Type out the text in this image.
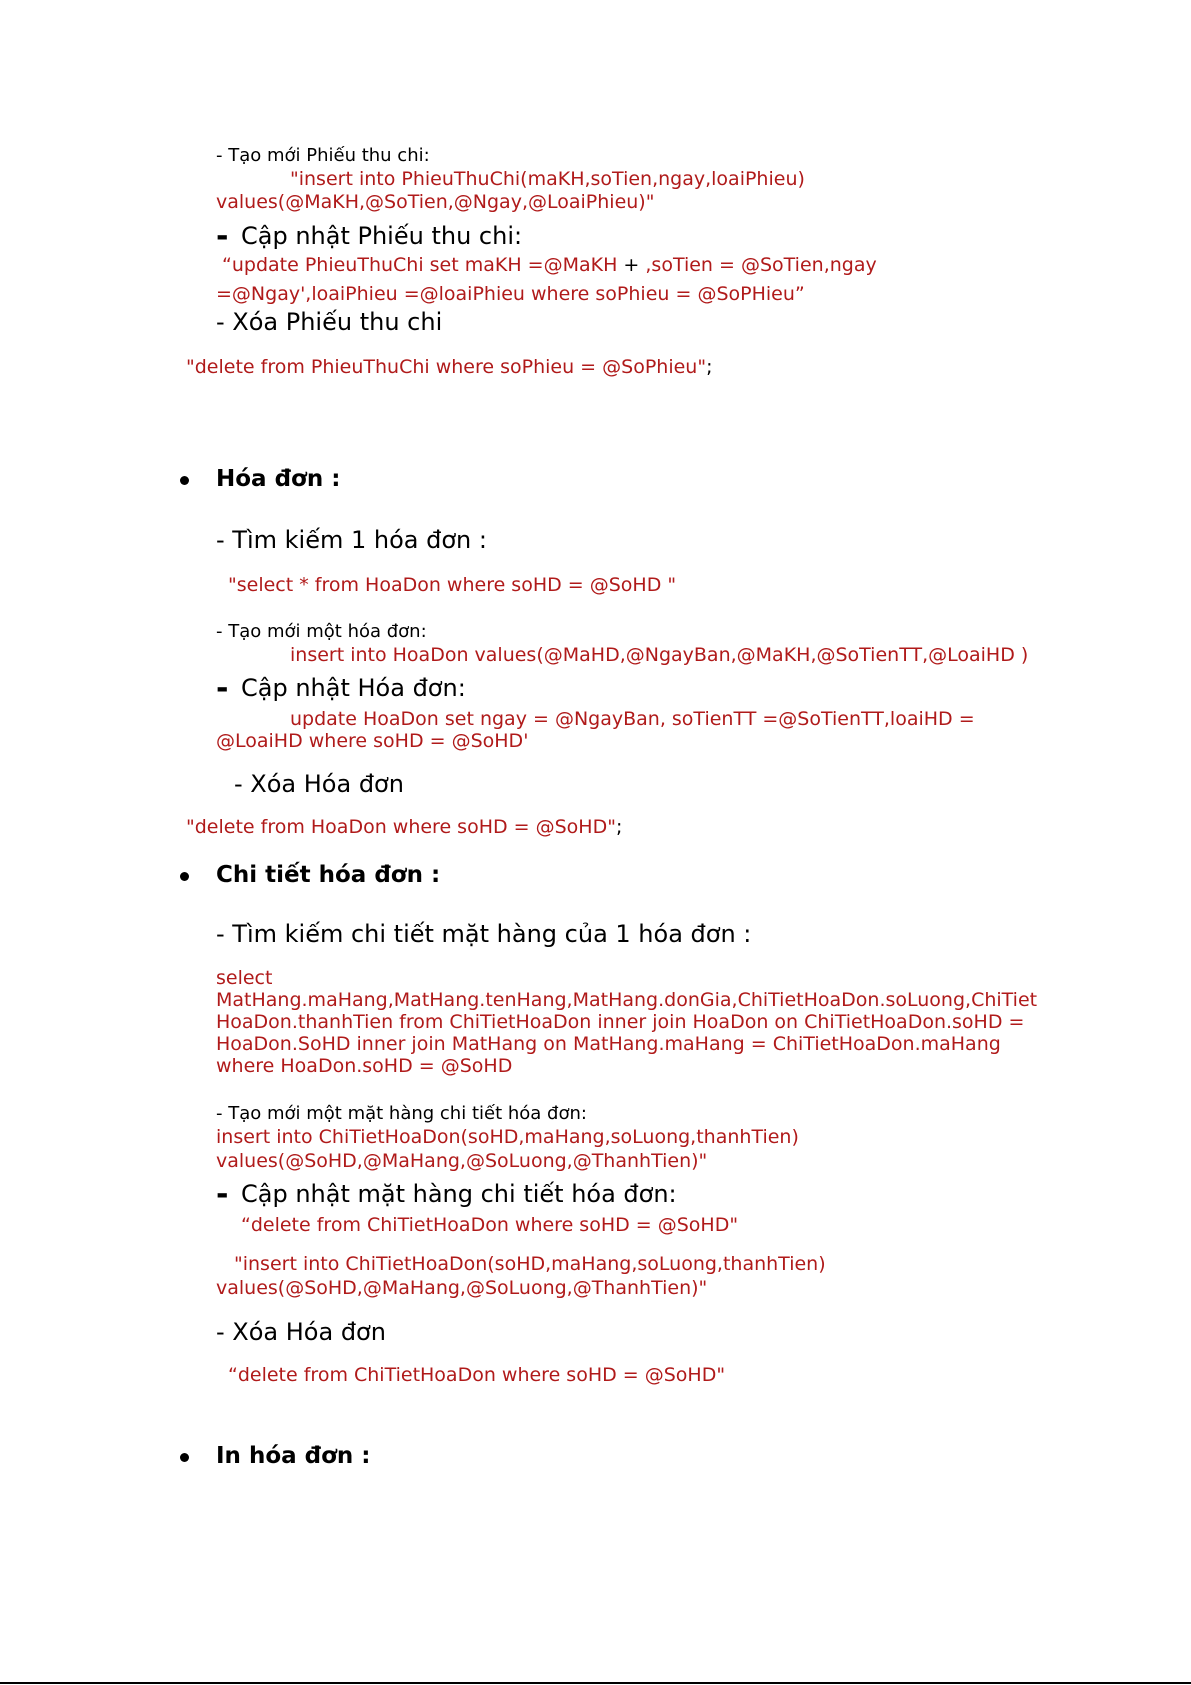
- Tạo mới Phiếu thu chi:
"insert into PhieuThuChi(maKH,soTien,ngay,loaiPhieu)
values(@MaKH,@SoTien,@Ngay,@LoaiPhieu)"
- Cập nhật Phiếu thu chi:
“update PhieuThuChi set maKH =@MaKH + ,soTien = @SoTien,ngay
=@Ngay',loaiPhieu =@loaiPhieu where soPhieu = @SoPHieu”
- Xóa Phiếu thu chi
"delete from PhieuThuChi where soPhieu = @SoPhieu";
Hóa đơn :
- Tìm kiếm 1 hóa đơn :
"select * from HoaDon where soHD = @SoHD "
- Tạo mới một hóa đơn:
insert into HoaDon values(@MaHD,@NgayBan,@MaKH,@SoTienTT,@LoaiHD )
- Cập nhật Hóa đơn:
update HoaDon set ngay = @NgayBan, soTienTT =@SoTienTT,loaiHD =
@LoaiHD where soHD = @SoHD'
- Xóa Hóa đơn
"delete from HoaDon where soHD = @SoHD";
Chi tiết hóa đơn :
- Tìm kiếm chi tiết mặt hàng của 1 hóa đơn :
select
MatHang.maHang,MatHang.tenHang,MatHang.donGia,ChiTietHoaDon.soLuong,ChiTiet
HoaDon.thanhTien from ChiTietHoaDon inner join HoaDon on ChiTietHoaDon.soHD =
HoaDon.SoHD inner join MatHang on MatHang.maHang = ChiTietHoaDon.maHang
where HoaDon.soHD = @SoHD
- Tạo mới một mặt hàng chi tiết hóa đơn:
insert into ChiTietHoaDon(soHD,maHang,soLuong,thanhTien)
values(@SoHD,@MaHang,@SoLuong,@ThanhTien)"
- Cập nhật mặt hàng chi tiết hóa đơn:
“delete from ChiTietHoaDon where soHD = @SoHD"
"insert into ChiTietHoaDon(soHD,maHang,soLuong,thanhTien)
values(@SoHD,@MaHang,@SoLuong,@ThanhTien)"
- Xóa Hóa đơn
“delete from ChiTietHoaDon where soHD = @SoHD"
In hóa đơn :
